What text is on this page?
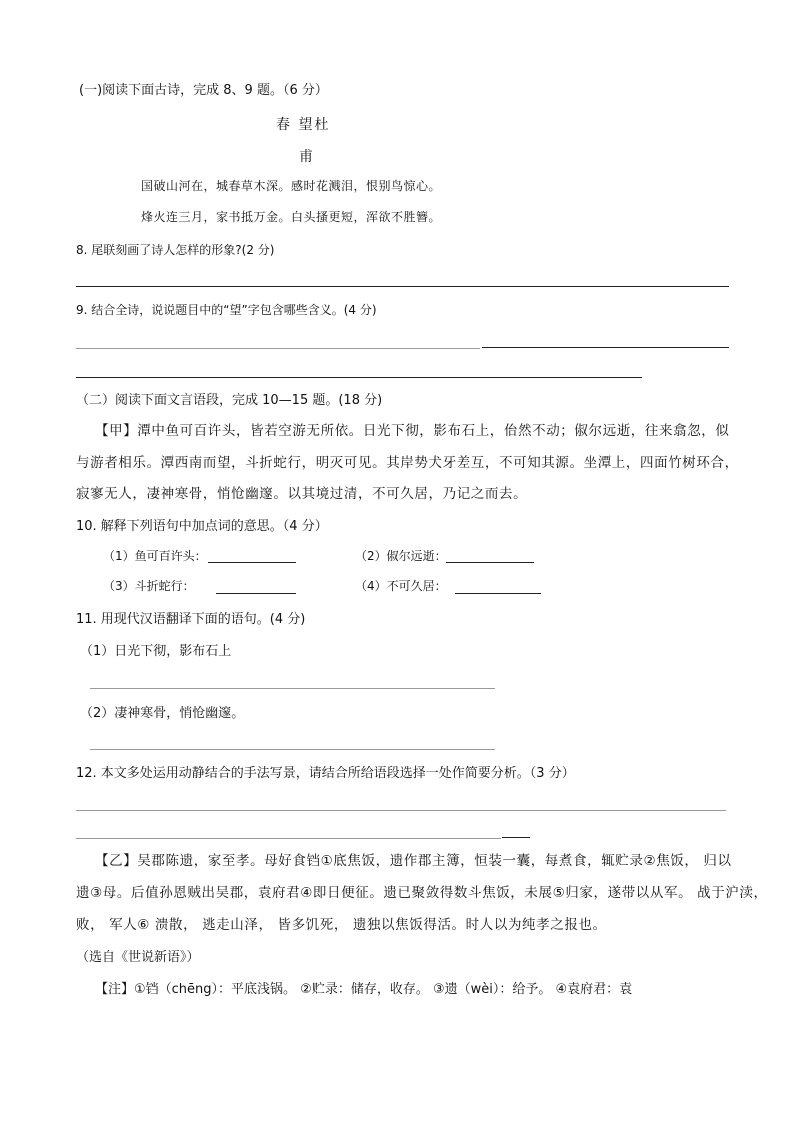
(一)阅读下面古诗，完成 8、9 题。（6 分）
春 望杜
甫
国破山河在，城春草木深。感时花溅泪，恨别鸟惊心。
烽火连三月，家书抵万金。白头搔更短，浑欲不胜簪。
8. 尾联刻画了诗人怎样的形象?(2 分)
9. 结合全诗，说说题目中的“望”字包含哪些含义。(4 分)
（二）阅读下面文言语段，完成 10—15 题。(18 分)
【甲】潭中鱼可百许头，皆若空游无所依。日光下彻，影布石上，佁然不动；俶尔远逝，往来翕忽，似
与游者相乐。潭西南而望，斗折蛇行，明灭可见。其岸势犬牙差互，不可知其源。坐潭上，四面竹树环合，
寂寥无人，凄神寒骨，悄怆幽邃。以其境过清，不可久居，乃记之而去。
10. 解释下列语句中加点词的意思。（4 分）
（1）鱼可百许头：	（2）俶尔远逝：
（3）斗折蛇行：	（4）不可久居：
11. 用现代汉语翻译下面的语句。(4 分)
（1）日光下彻，影布石上
（2）凄神寒骨，悄怆幽邃。
12. 本文多处运用动静结合的手法写景，请结合所给语段选择一处作简要分析。（3 分）
【乙】吴郡陈遗，家至孝。母好食铛①底焦饭，遗作郡主簿，恒装一囊，每煮食，辄贮录②焦饭， 归以
遗③母。后值孙恩贼出吴郡，袁府君④即日便征。遗已聚敛得数斗焦饭，未展⑤归家，遂带以从军。 战于沪渎，
败， 军人⑥ 溃散， 逃走山泽， 皆多饥死， 遗独以焦饭得活。时人以为纯孝之报也。
（选自《世说新语》）
【注】①铛（chēng）：平底浅锅。 ②贮录：储存，收存。 ③遗（wèi）：给予。 ④袁府君：袁
